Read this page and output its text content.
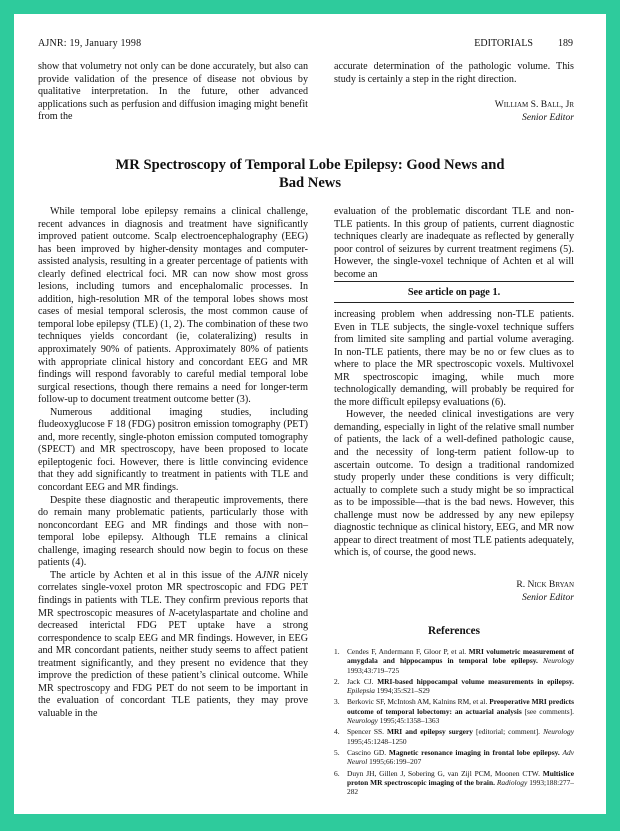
AJNR: 19, January 1998	EDITORIALS	189

show that volumetry not only can be done accurately, but also can provide validation of the presence of disease not obvious by qualitative interpretation. In the future, other advanced applications such as perfusion and diffusion imaging might benefit from the

accurate determination of the pathologic volume. This study is certainly a step in the right direction.

William S. Ball, Jr
Senior Editor
MR Spectroscopy of Temporal Lobe Epilepsy: Good News and Bad News

While temporal lobe epilepsy remains a clinical challenge, recent advances in diagnosis and treatment have significantly improved patient outcome. Scalp electroencephalography (EEG) has been improved by higher-density montages and computer-assisted analysis, resulting in a greater percentage of patients with clearly defined electrical foci. MR can now show most gross lesions, including tumors and encephalomalic processes. In addition, high-resolution MR of the temporal lobes shows most cases of mesial temporal sclerosis, the most common cause of temporal lobe epilepsy (TLE) (1, 2). The combination of these two techniques yields concordant (ie, colateralizing) results in approximately 90% of patients. Approximately 80% of patients with appropriate clinical history and concordant EEG and MR findings will respond favorably to careful medial temporal lobe surgical resections, though there remains a need for longer-term follow-up to document treatment outcome better (3).

Numerous additional imaging studies, including fludeoxyglucose F 18 (FDG) positron emission tomography (PET) and, more recently, single-photon emission computed tomography (SPECT) and MR spectroscopy, have been proposed to locate epileptogenic foci. However, there is little convincing evidence that they add significantly to treatment in patients with TLE and concordant EEG and MR findings.

Despite these diagnostic and therapeutic improvements, there do remain many problematic patients, particularly those with nonconcordant EEG and MR findings and those with non–temporal lobe epilepsy. Although TLE remains a clinical challenge, imaging research should now begin to focus on these patients (4).

The article by Achten et al in this issue of the AJNR nicely correlates single-voxel proton MR spectroscopic and FDG PET findings in patients with TLE. They confirm previous reports that MR spectroscopic measures of N-acetylaspartate and choline and decreased interictal FDG PET uptake have a strong correspondence to scalp EEG and MR findings. However, in EEG and MR concordant patients, neither study seems to affect patient treatment significantly, and they present no evidence that they improve the prediction of these patient’s clinical outcome. While MR spectroscopy and FDG PET do not seem to be important in the evaluation of concordant TLE patients, they may prove valuable in the

evaluation of the problematic discordant TLE and non-TLE patients. In this group of patients, current diagnostic techniques clearly are inadequate as reflected by generally poor control of seizures by current treatment regimens (5). However, the single-voxel technique of Achten et al will become an

See article on page 1.

increasing problem when addressing non-TLE patients. Even in TLE subjects, the single-voxel technique suffers from limited site sampling and partial volume averaging. In non-TLE patients, there may be no or few clues as to where to place the MR spectroscopic voxels. Multivoxel MR spectroscopic imaging, while much more technologically demanding, will probably be required for the more difficult epilepsy evaluations (6).

However, the needed clinical investigations are very demanding, especially in light of the relative small number of patients, the lack of a well-defined pathologic cause, and the necessity of long-term patient follow-up to ascertain outcome. To design a traditional randomized study properly under these conditions is very difficult; actually to complete such a study might be so impractical as to be impossible—that is the bad news. However, this challenge must now be addressed by any new epilepsy diagnostic technique as clinical history, EEG, and MR now appear to direct treatment of most TLE patients adequately, which is, of course, the good news.

R. Nick Bryan
Senior Editor
References
1. Cendes F, Andermann F, Gloor P, et al. MRI volumetric measurement of amygdala and hippocampus in temporal lobe epilepsy. Neurology 1993;43:719–725
2. Jack CJ. MRI-based hippocampal volume measurements in epilepsy. Epilepsia 1994;35:S21–S29
3. Berkovic SF, McIntosh AM, Kalnins RM, et al. Preoperative MRI predicts outcome of temporal lobectomy: an actuarial analysis [see comments]. Neurology 1995;45:1358–1363
4. Spencer SS. MRI and epilepsy surgery [editorial; comment]. Neurology 1995;45:1248–1250
5. Cascino GD. Magnetic resonance imaging in frontal lobe epilepsy. Adv Neurol 1995;66:199–207
6. Duyn JH, Gillen J, Sobering G, van Zijl PCM, Moonen CTW. Multislice proton MR spectroscopic imaging of the brain. Radiology 1993;188:277–282
